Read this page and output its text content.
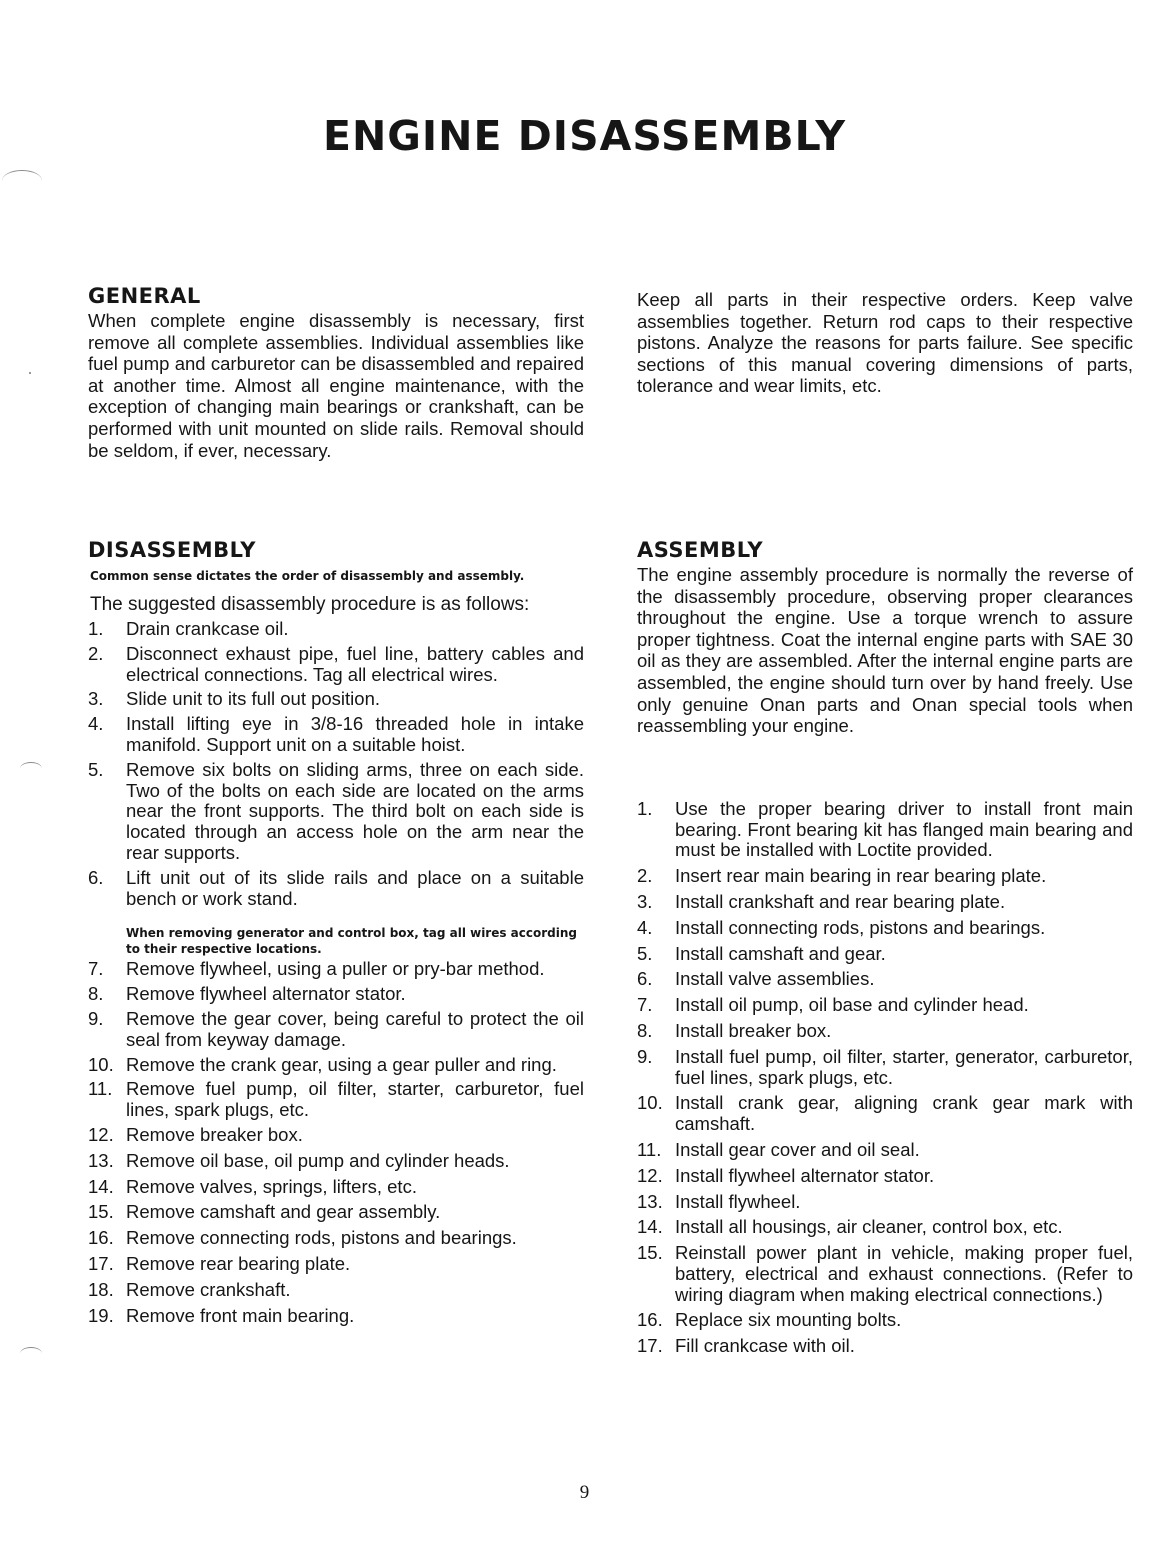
ENGINE DISASSEMBLY
GENERAL

When complete engine disassembly is necessary, first remove all complete assemblies. Individual assemblies like fuel pump and carburetor can be disassembled and repaired at another time. Almost all engine maintenance, with the exception of changing main bearings or crankshaft, can be performed with unit mounted on slide rails. Removal should be seldom, if ever, necessary.

Keep all parts in their respective orders. Keep valve assemblies together. Return rod caps to their respective pistons. Analyze the reasons for parts failure. See specific sections of this manual covering dimensions of parts, tolerance and wear limits, etc.

DISASSEMBLY

Common sense dictates the order of disassembly and assembly.

The suggested disassembly procedure is as follows:

1.	Drain crankcase oil.
2.	Disconnect exhaust pipe, fuel line, battery cables and electrical connections. Tag all electrical wires.
3.	Slide unit to its full out position.
4.	Install lifting eye in 3/8-16 threaded hole in intake manifold. Support unit on a suitable hoist.
5.	Remove six bolts on sliding arms, three on each side. Two of the bolts on each side are located on the arms near the front supports. The third bolt on each side is located through an access hole on the arm near the rear supports.
6.	Lift unit out of its slide rails and place on a suitable bench or work stand.

When removing generator and control box, tag all wires according to their respective locations.

7.	Remove flywheel, using a puller or pry-bar method.
8.	Remove flywheel alternator stator.
9.	Remove the gear cover, being careful to protect the oil seal from keyway damage.
10. Remove the crank gear, using a gear puller and ring.
11. Remove fuel pump, oil filter, starter, carburetor, fuel lines, spark plugs, etc.
12. Remove breaker box.
13. Remove oil base, oil pump and cylinder heads.
14. Remove valves, springs, lifters, etc.
15. Remove camshaft and gear assembly.
16. Remove connecting rods, pistons and bearings.
17. Remove rear bearing plate.
18. Remove crankshaft.
19. Remove front main bearing.
ASSEMBLY

The engine assembly procedure is normally the reverse of the disassembly procedure, observing proper clearances throughout the engine. Use a torque wrench to assure proper tightness. Coat the internal engine parts with SAE 30 oil as they are assembled. After the internal engine parts are assembled, the engine should turn over by hand freely. Use only genuine Onan parts and Onan special tools when reassembling your engine.

1.	Use the proper bearing driver to install front main bearing. Front bearing kit has flanged main bearing and must be installed with Loctite provided.
2.	Insert rear main bearing in rear bearing plate.
3.	Install crankshaft and rear bearing plate.
4.	Install connecting rods, pistons and bearings.
5.	Install camshaft and gear.
6.	Install valve assemblies.
7.	Install oil pump, oil base and cylinder head.
8.	Install breaker box.
9.	Install fuel pump, oil filter, starter, generator, carburetor, fuel lines, spark plugs, etc.
10. Install crank gear, aligning crank gear mark with camshaft.
11. Install gear cover and oil seal.
12. Install flywheel alternator stator.
13. Install flywheel.
14. Install all housings, air cleaner, control box, etc.
15. Reinstall power plant in vehicle, making proper fuel, battery, electrical and exhaust connections. (Refer to wiring diagram when making electrical connections.)
16. Replace six mounting bolts.
17. Fill crankcase with oil.

9
